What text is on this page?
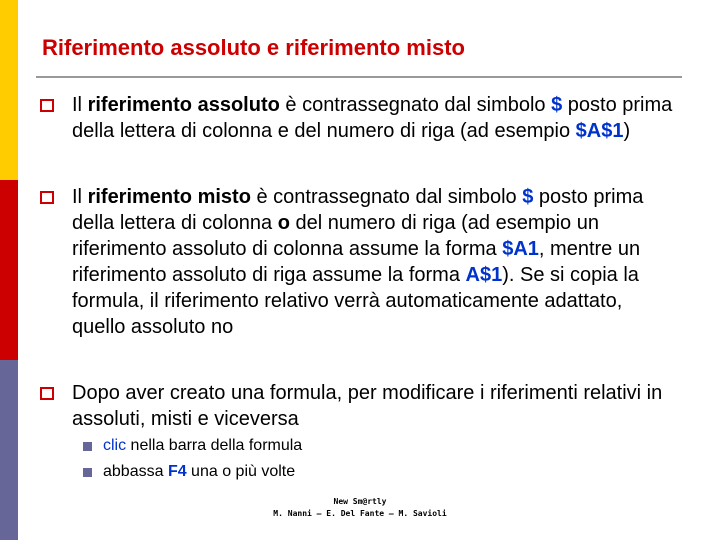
Riferimento assoluto e riferimento misto
Il riferimento assoluto è contrassegnato dal simbolo $ posto prima della lettera di colonna e del numero di riga (ad esempio $A$1)
Il riferimento misto è contrassegnato dal simbolo $ posto prima della lettera di colonna o del numero di riga (ad esempio un riferimento assoluto di colonna assume la forma $A1, mentre un riferimento assoluto di riga assume la forma A$1). Se si copia la formula, il riferimento relativo verrà automaticamente adattato, quello assoluto no
Dopo aver creato una formula, per modificare i riferimenti relativi in assoluti, misti e viceversa
clic nella barra della formula
abbassa F4 una o più volte
New Sm@rtly
M. Nanni – E. Del Fante – M. Savioli
